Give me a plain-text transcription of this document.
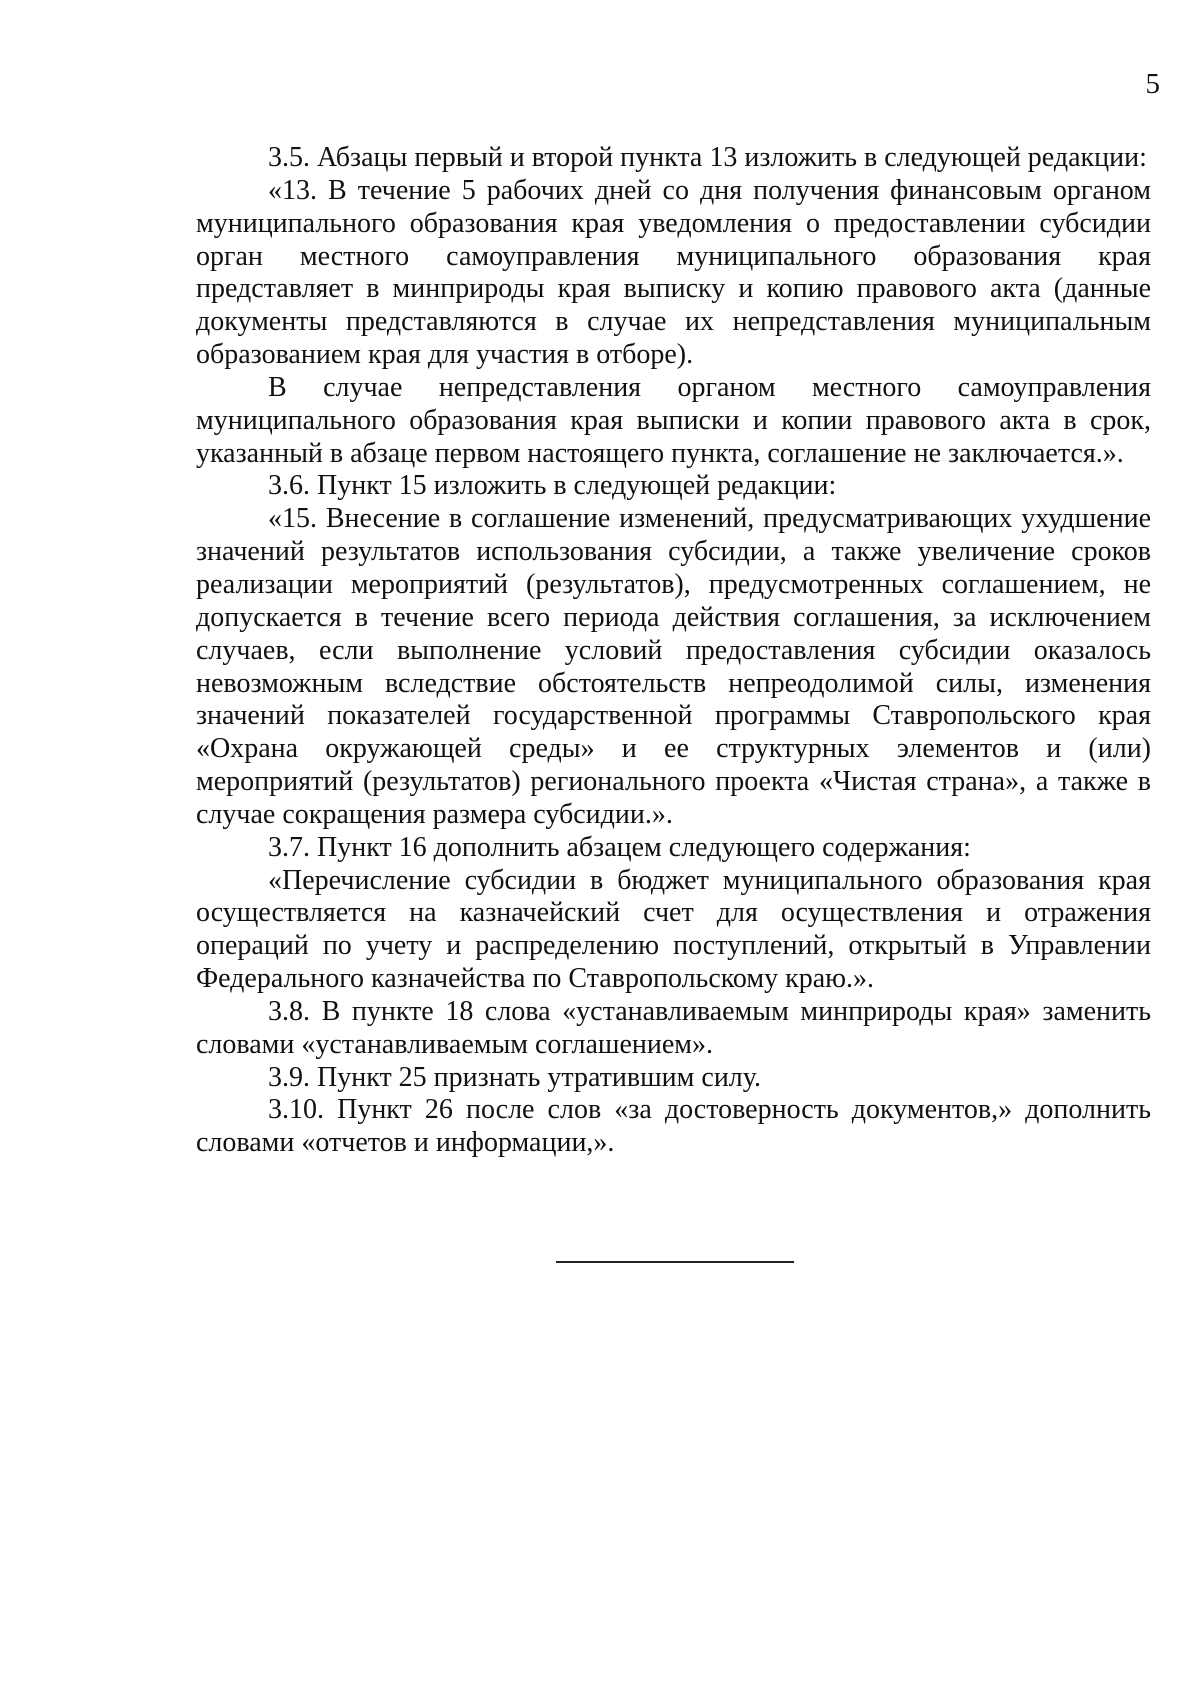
5

3.5. Абзацы первый и второй пункта 13 изложить в следующей редакции:

«13. В течение 5 рабочих дней со дня получения финансовым органом муниципального образования края уведомления о предоставлении субсидии орган местного самоуправления муниципального образования края представляет в минприроды края выписку и копию правового акта (данные документы представляются в случае их непредставления муниципальным образованием края для участия в отборе).

В случае непредставления органом местного самоуправления муниципального образования края выписки и копии правового акта в срок, указанный в абзаце первом настоящего пункта, соглашение не заключается.».

3.6. Пункт 15 изложить в следующей редакции:

«15. Внесение в соглашение изменений, предусматривающих ухудшение значений результатов использования субсидии, а также увеличение сроков реализации мероприятий (результатов), предусмотренных соглашением, не допускается в течение всего периода действия соглашения, за исключением случаев, если выполнение условий предоставления субсидии оказалось невозможным вследствие обстоятельств непреодолимой силы, изменения значений показателей государственной программы Ставропольского края «Охрана окружающей среды» и ее структурных элементов и (или) мероприятий (результатов) регионального проекта «Чистая страна», а также в случае сокращения размера субсидии.».

3.7. Пункт 16 дополнить абзацем следующего содержания:

«Перечисление субсидии в бюджет муниципального образования края осуществляется на казначейский счет для осуществления и отражения операций по учету и распределению поступлений, открытый в Управлении Федерального казначейства по Ставропольскому краю.».

3.8. В пункте 18 слова «устанавливаемым минприроды края» заменить словами «устанавливаемым соглашением».

3.9. Пункт 25 признать утратившим силу.

3.10. Пункт 26 после слов «за достоверность документов,» дополнить словами «отчетов и информации,».
